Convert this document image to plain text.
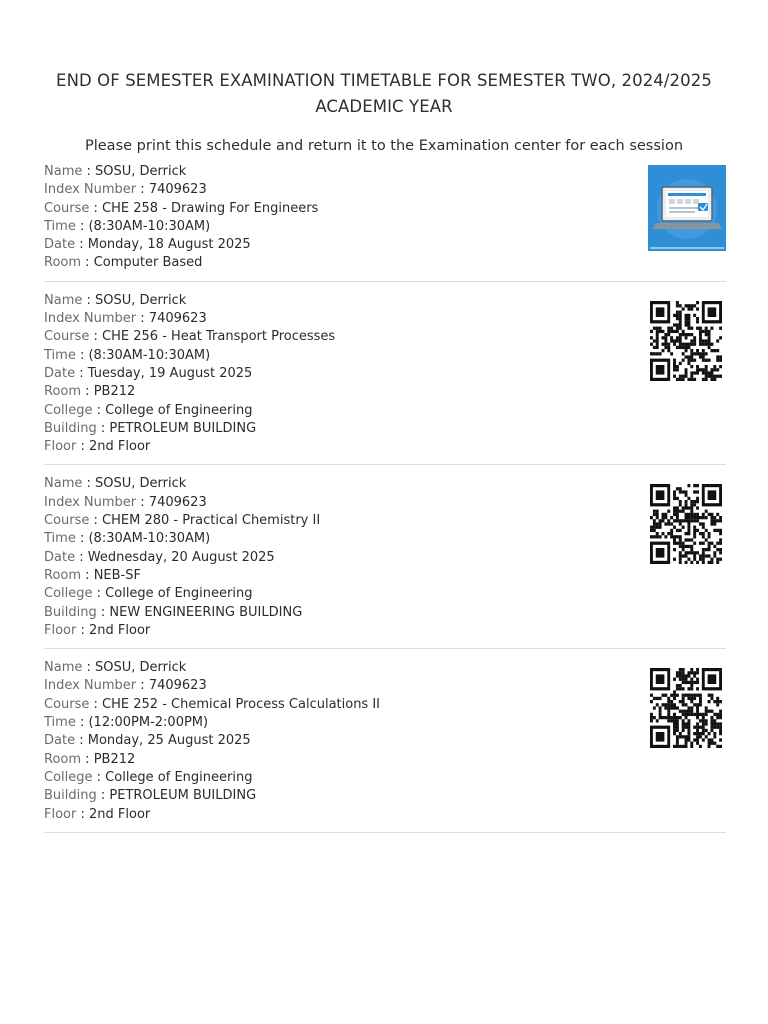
END OF SEMESTER EXAMINATION TIMETABLE FOR SEMESTER TWO, 2024/2025 ACADEMIC YEAR
Please print this schedule and return it to the Examination center for each session
Name : SOSU, Derrick
Index Number : 7409623
Course : CHE 258 - Drawing For Engineers
Time : (8:30AM-10:30AM)
Date : Monday, 18 August 2025
Room : Computer Based
Name : SOSU, Derrick
Index Number : 7409623
Course : CHE 256 - Heat Transport Processes
Time : (8:30AM-10:30AM)
Date : Tuesday, 19 August 2025
Room : PB212
College : College of Engineering
Building : PETROLEUM BUILDING
Floor : 2nd Floor
Name : SOSU, Derrick
Index Number : 7409623
Course : CHEM 280 - Practical Chemistry II
Time : (8:30AM-10:30AM)
Date : Wednesday, 20 August 2025
Room : NEB-SF
College : College of Engineering
Building : NEW ENGINEERING BUILDING
Floor : 2nd Floor
Name : SOSU, Derrick
Index Number : 7409623
Course : CHE 252 - Chemical Process Calculations II
Time : (12:00PM-2:00PM)
Date : Monday, 25 August 2025
Room : PB212
College : College of Engineering
Building : PETROLEUM BUILDING
Floor : 2nd Floor
